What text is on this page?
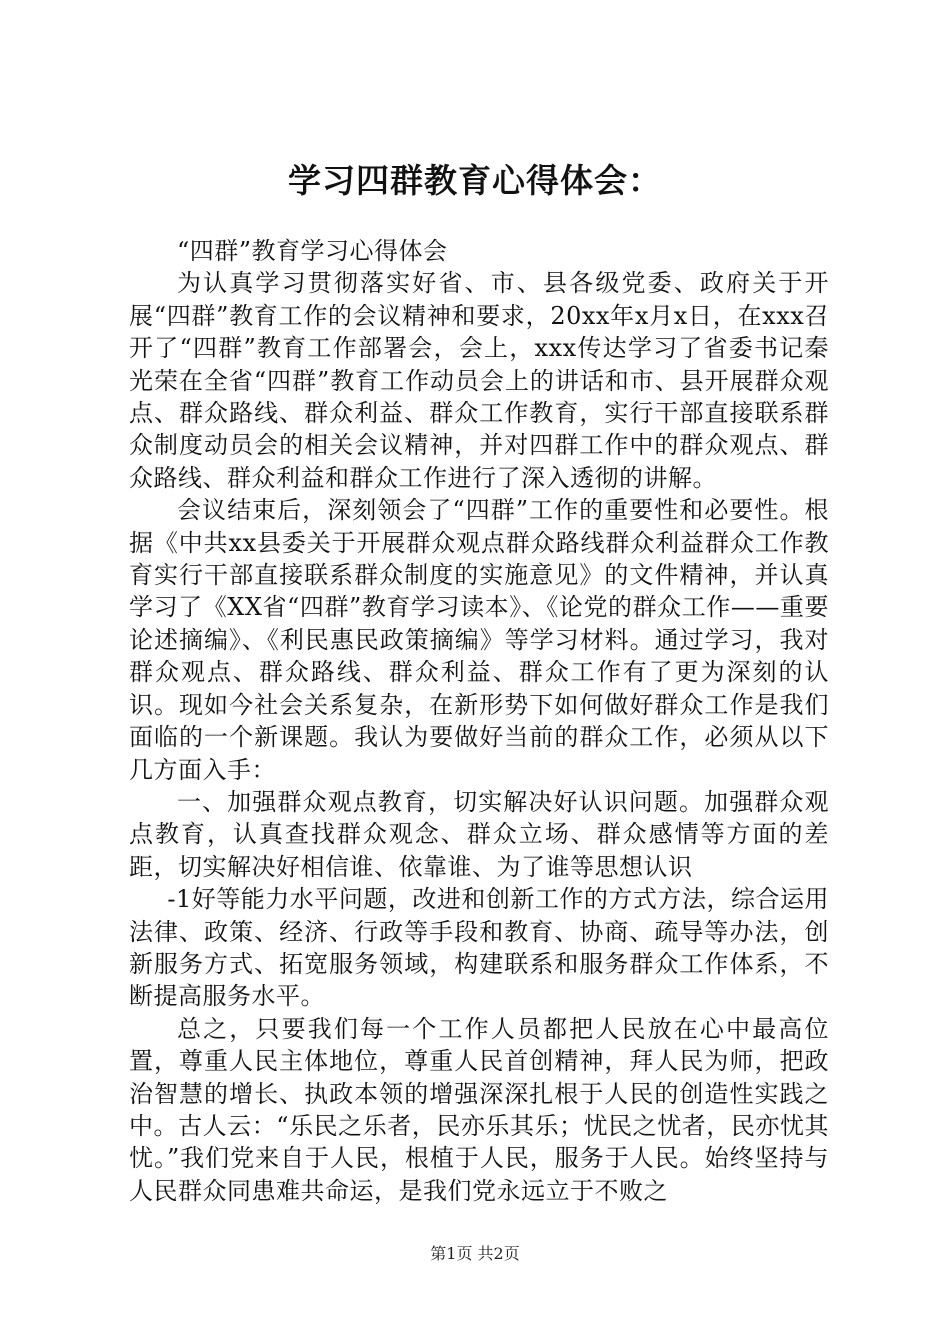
学习四群教育心得体会：

“四群”教育学习心得体会

为认真学习贯彻落实好省、市、县各级党委、政府关于开展“四群”教育工作的会议精神和要求，20xx年x月x日，在xxx召开了“四群”教育工作部署会，会上，xxx传达学习了省委书记秦光荣在全省“四群”教育工作动员会上的讲话和市、县开展群众观点、群众路线、群众利益、群众工作教育，实行干部直接联系群众制度动员会的相关会议精神，并对四群工作中的群众观点、群众路线、群众利益和群众工作进行了深入透彻的讲解。

会议结束后，深刻领会了“四群”工作的重要性和必要性。根据《中共xx县委关于开展群众观点群众路线群众利益群众工作教育实行干部直接联系群众制度的实施意见》的文件精神，并认真学习了《XX省“四群”教育学习读本》、《论党的群众工作——重要论述摘编》、《利民惠民政策摘编》等学习材料。通过学习，我对群众观点、群众路线、群众利益、群众工作有了更为深刻的认识。现如今社会关系复杂，在新形势下如何做好群众工作是我们面临的一个新课题。我认为要做好当前的群众工作，必须从以下几方面入手：

一、加强群众观点教育，切实解决好认识问题。加强群众观点教育，认真查找群众观念、群众立场、群众感情等方面的差距，切实解决好相信谁、依靠谁、为了谁等思想认识

-1好等能力水平问题，改进和创新工作的方式方法，综合运用法律、政策、经济、行政等手段和教育、协商、疏导等办法，创新服务方式、拓宽服务领域，构建联系和服务群众工作体系，不断提高服务水平。

总之，只要我们每一个工作人员都把人民放在心中最高位置，尊重人民主体地位，尊重人民首创精神，拜人民为师，把政治智慧的增长、执政本领的增强深深扎根于人民的创造性实践之中。古人云：“乐民之乐者，民亦乐其乐；忧民之忧者，民亦忧其忧。”我们党来自于人民，根植于人民，服务于人民。始终坚持与人民群众同患难共命运，是我们党永远立于不败之

第1页 共2页
